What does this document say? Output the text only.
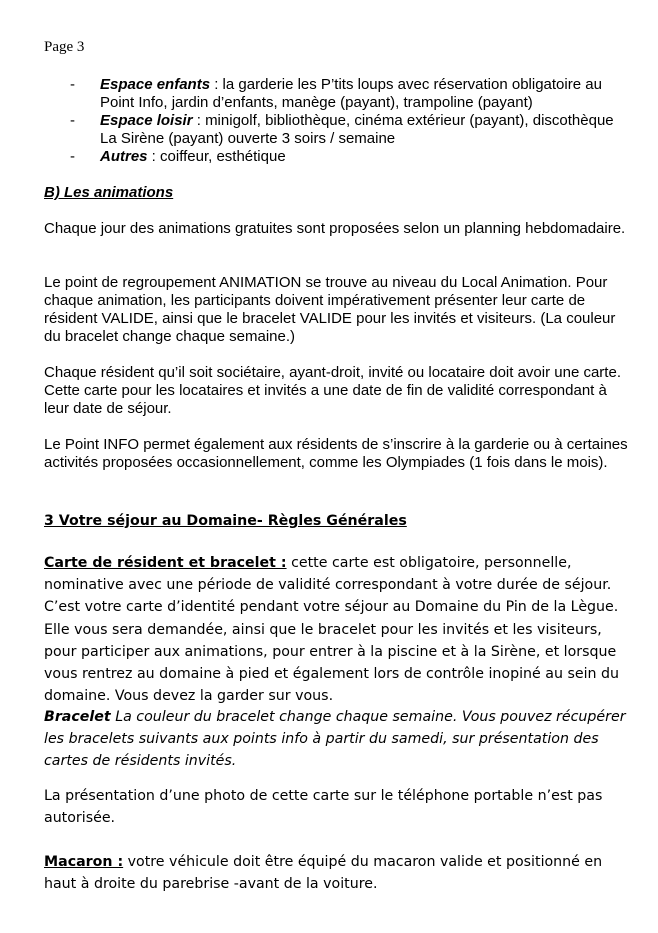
Page 3
- Espace enfants : la garderie les P’tits loups avec réservation obligatoire au Point Info, jardin d’enfants, manège (payant), trampoline (payant)
- Espace loisir : minigolf, bibliothèque, cinéma extérieur (payant), discothèque La Sirène (payant) ouverte 3 soirs / semaine
- Autres : coiffeur, esthétique

B) Les animations

Chaque jour des animations gratuites sont proposées selon un planning hebdomadaire.

Le point de regroupement ANIMATION se trouve au niveau du Local Animation. Pour chaque animation, les participants doivent impérativement présenter leur carte de résident VALIDE, ainsi que le bracelet VALIDE pour les invités et visiteurs. (La couleur du bracelet change chaque semaine.)

Chaque résident qu’il soit sociétaire, ayant-droit, invité ou locataire doit avoir une carte. Cette carte pour les locataires et invités a une date de fin de validité correspondant à leur date de séjour.

Le Point INFO permet également aux résidents de s’inscrire à la garderie ou à certaines activités proposées occasionnellement, comme les Olympiades (1 fois dans le mois).

3 Votre séjour au Domaine- Règles Générales

Carte de résident et bracelet : cette carte est obligatoire, personnelle, nominative avec une période de validité correspondant à votre durée de séjour. C’est votre carte d’identité pendant votre séjour au Domaine du Pin de la Lègue. Elle vous sera demandée, ainsi que le bracelet pour les invités et les visiteurs, pour participer aux animations, pour entrer à la piscine et à la Sirène, et lorsque vous rentrez au domaine à pied et également lors de contrôle inopiné au sein du domaine. Vous devez la garder sur vous.

Bracelet La couleur du bracelet change chaque semaine. Vous pouvez récupérer les bracelets suivants aux points info à partir du samedi, sur présentation des cartes de résidents invités.

La présentation d’une photo de cette carte sur le téléphone portable n’est pas autorisée.

Macaron : votre véhicule doit être équipé du macaron valide et positionné en haut à droite du parebrise -avant de la voiture.
